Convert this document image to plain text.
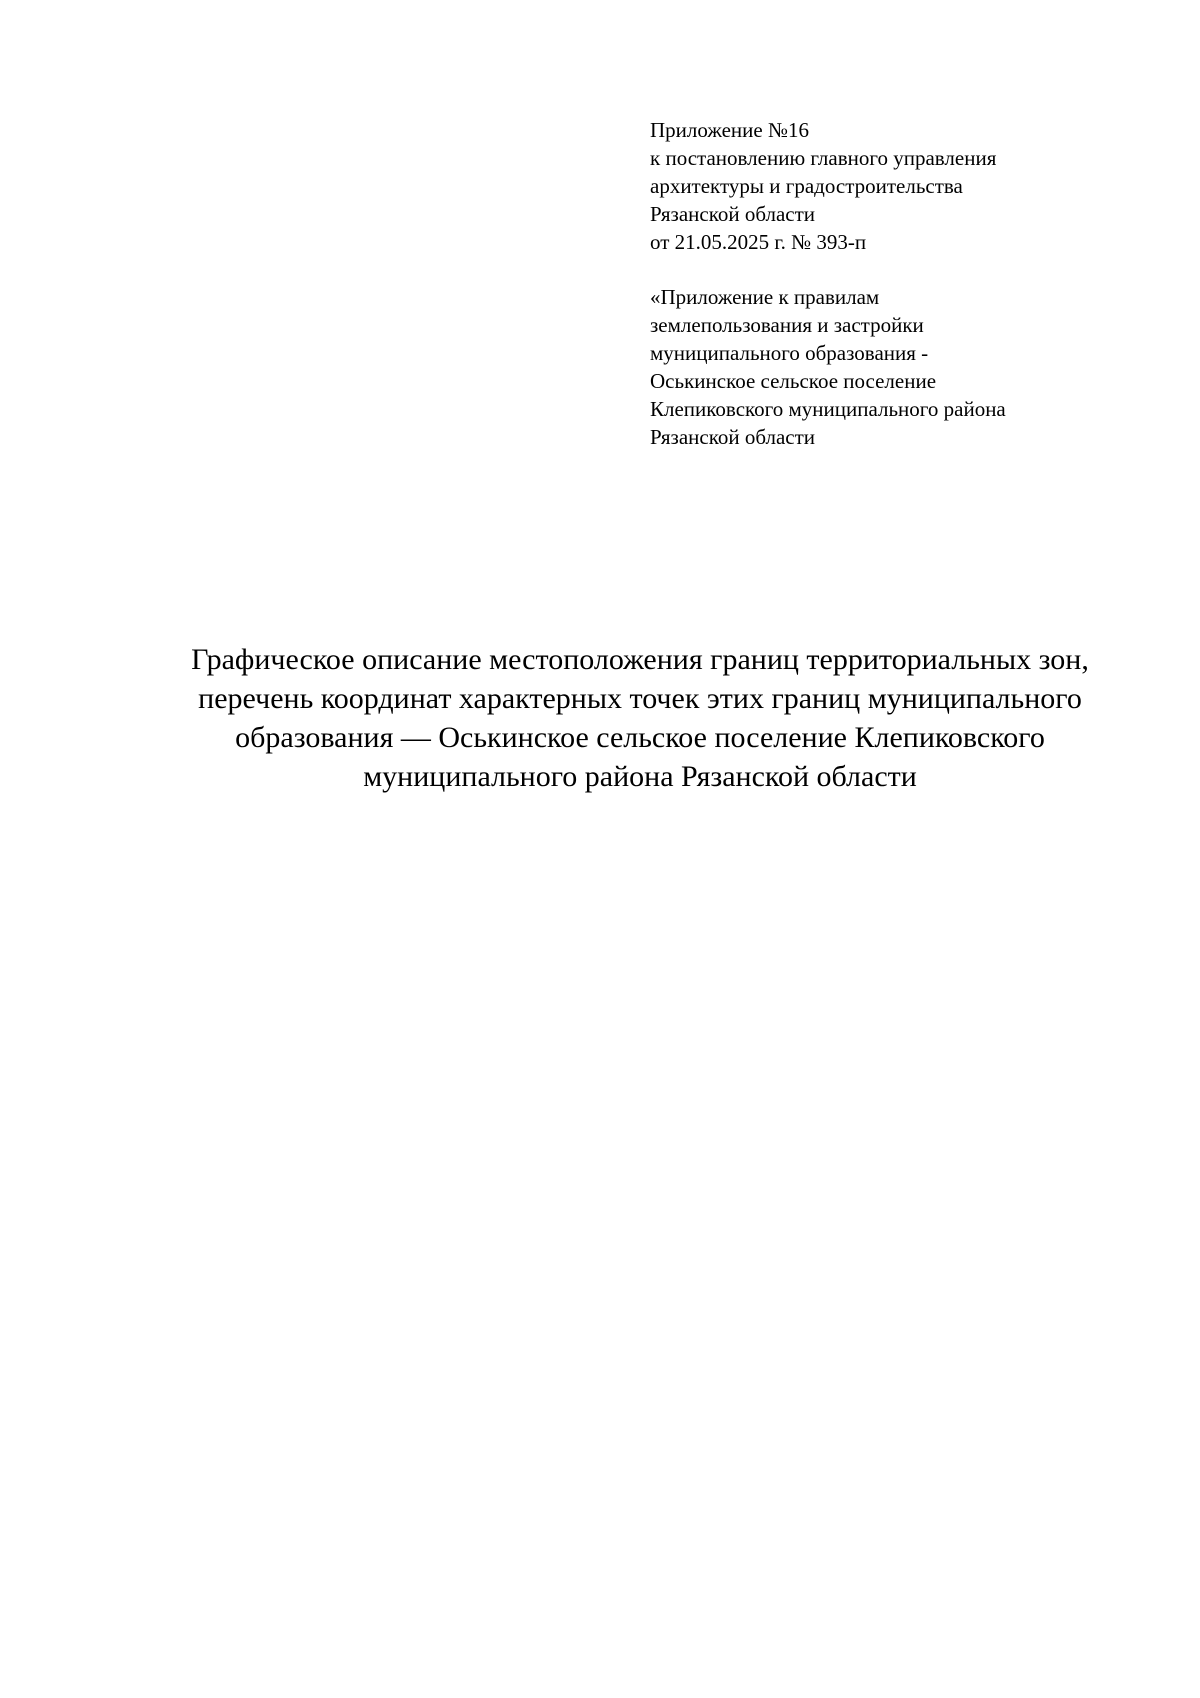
Приложение №16
к постановлению главного управления
архитектуры и градостроительства
Рязанской области
от 21.05.2025 г. № 393-п
«Приложение к правилам
землепользования и застройки
муниципального образования -
Оськинское сельское поселение
Клепиковского муниципального района
Рязанской области
Графическое описание местоположения границ территориальных зон,
перечень координат характерных точек этих границ муниципального
образования — Оськинское сельское поселение Клепиковского
муниципального района Рязанской области
